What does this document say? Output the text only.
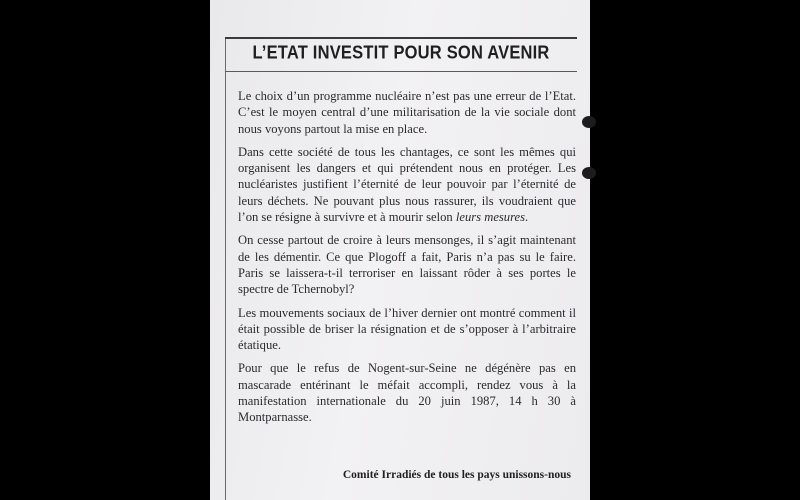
L’ETAT INVESTIT POUR SON AVENIR

Le choix d’un programme nucléaire n’est pas une erreur de l’Etat. C’est le moyen central d’une militarisation de la vie sociale dont nous voyons partout la mise en place.

Dans cette société de tous les chantages, ce sont les mêmes qui organisent les dangers et qui prétendent nous en protéger. Les nucléaristes justifient l’éternité de leur pouvoir par l’éternité de leurs déchets. Ne pouvant plus nous rassurer, ils voudraient que l’on se résigne à survivre et à mourir selon leurs mesures.

On cesse partout de croire à leurs mensonges, il s’agit maintenant de les démentir. Ce que Plogoff a fait, Paris n’a pas su le faire. Paris se laissera-t-il terroriser en laissant rôder à ses portes le spectre de Tchernobyl?

Les mouvements sociaux de l’hiver dernier ont montré comment il était possible de briser la résignation et de s’opposer à l’arbitraire étatique.

Pour que le refus de Nogent-sur-Seine ne dégénère pas en mascarade entérinant le méfait accompli, rendez vous à la manifestation internationale du 20 juin 1987, 14 h 30 à Montparnasse.

Comité Irradiés de tous les pays unissons-nous
